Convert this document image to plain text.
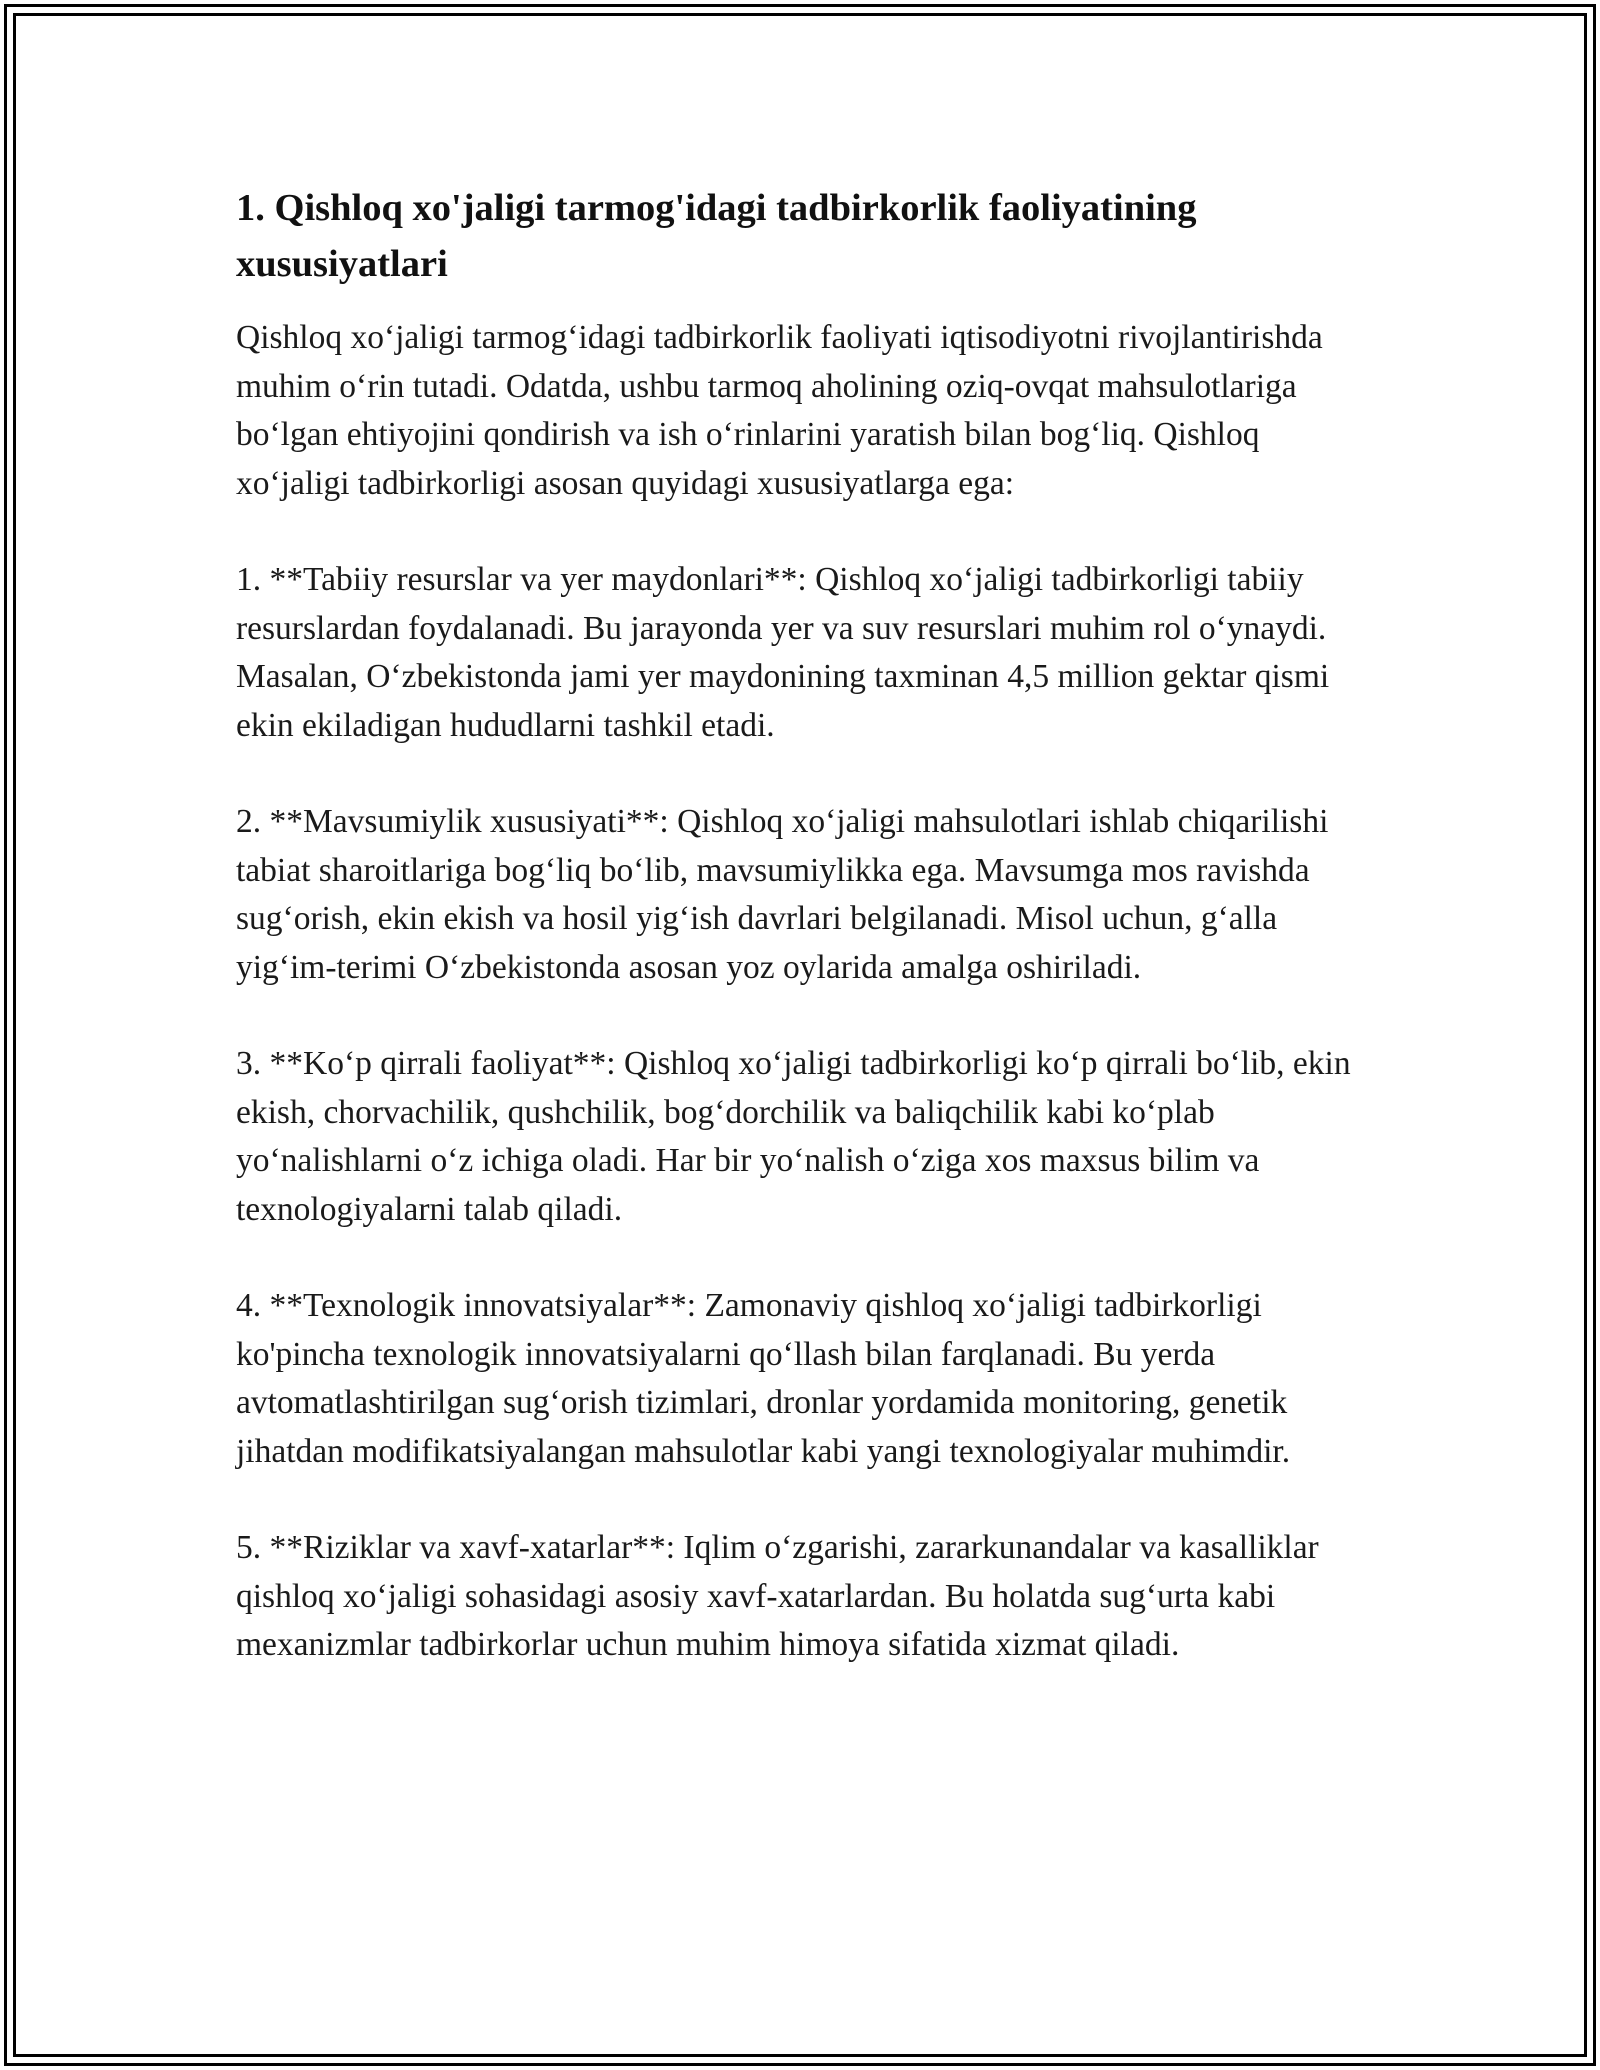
1. Qishloq xo'jaligi tarmog'idagi tadbirkorlik faoliyatining xususiyatlari

Qishloq xo‘jaligi tarmog‘idagi tadbirkorlik faoliyati iqtisodiyotni rivojlantirishda muhim o‘rin tutadi. Odatda, ushbu tarmoq aholining oziq-ovqat mahsulotlariga bo‘lgan ehtiyojini qondirish va ish o‘rinlarini yaratish bilan bog‘liq. Qishloq xo‘jaligi tadbirkorligi asosan quyidagi xususiyatlarga ega:

1. **Tabiiy resurslar va yer maydonlari**: Qishloq xo‘jaligi tadbirkorligi tabiiy resurslardan foydalanadi. Bu jarayonda yer va suv resurslari muhim rol o‘ynaydi. Masalan, O‘zbekistonda jami yer maydonining taxminan 4,5 million gektar qismi ekin ekiladigan hududlarni tashkil etadi.

2. **Mavsumiylik xususiyati**: Qishloq xo‘jaligi mahsulotlari ishlab chiqarilishi tabiat sharoitlariga bog‘liq bo‘lib, mavsumiylikka ega. Mavsumga mos ravishda sug‘orish, ekin ekish va hosil yig‘ish davrlari belgilanadi. Misol uchun, g‘alla yig‘im-terimi O‘zbekistonda asosan yoz oylarida amalga oshiriladi.

3. **Ko‘p qirrali faoliyat**: Qishloq xo‘jaligi tadbirkorligi ko‘p qirrali bo‘lib, ekin ekish, chorvachilik, qushchilik, bog‘dorchilik va baliqchilik kabi ko‘plab yo‘nalishlarni o‘z ichiga oladi. Har bir yo‘nalish o‘ziga xos maxsus bilim va texnologiyalarni talab qiladi.

4. **Texnologik innovatsiyalar**: Zamonaviy qishloq xo‘jaligi tadbirkorligi ko'pincha texnologik innovatsiyalarni qo‘llash bilan farqlanadi. Bu yerda avtomatlashtirilgan sug‘orish tizimlari, dronlar yordamida monitoring, genetik jihatdan modifikatsiyalangan mahsulotlar kabi yangi texnologiyalar muhimdir.

5. **Riziklar va xavf-xatarlar**: Iqlim o‘zgarishi, zararkunandalar va kasalliklar qishloq xo‘jaligi sohasidagi asosiy xavf-xatarlardan. Bu holatda sug‘urta kabi mexanizmlar tadbirkorlar uchun muhim himoya sifatida xizmat qiladi.
